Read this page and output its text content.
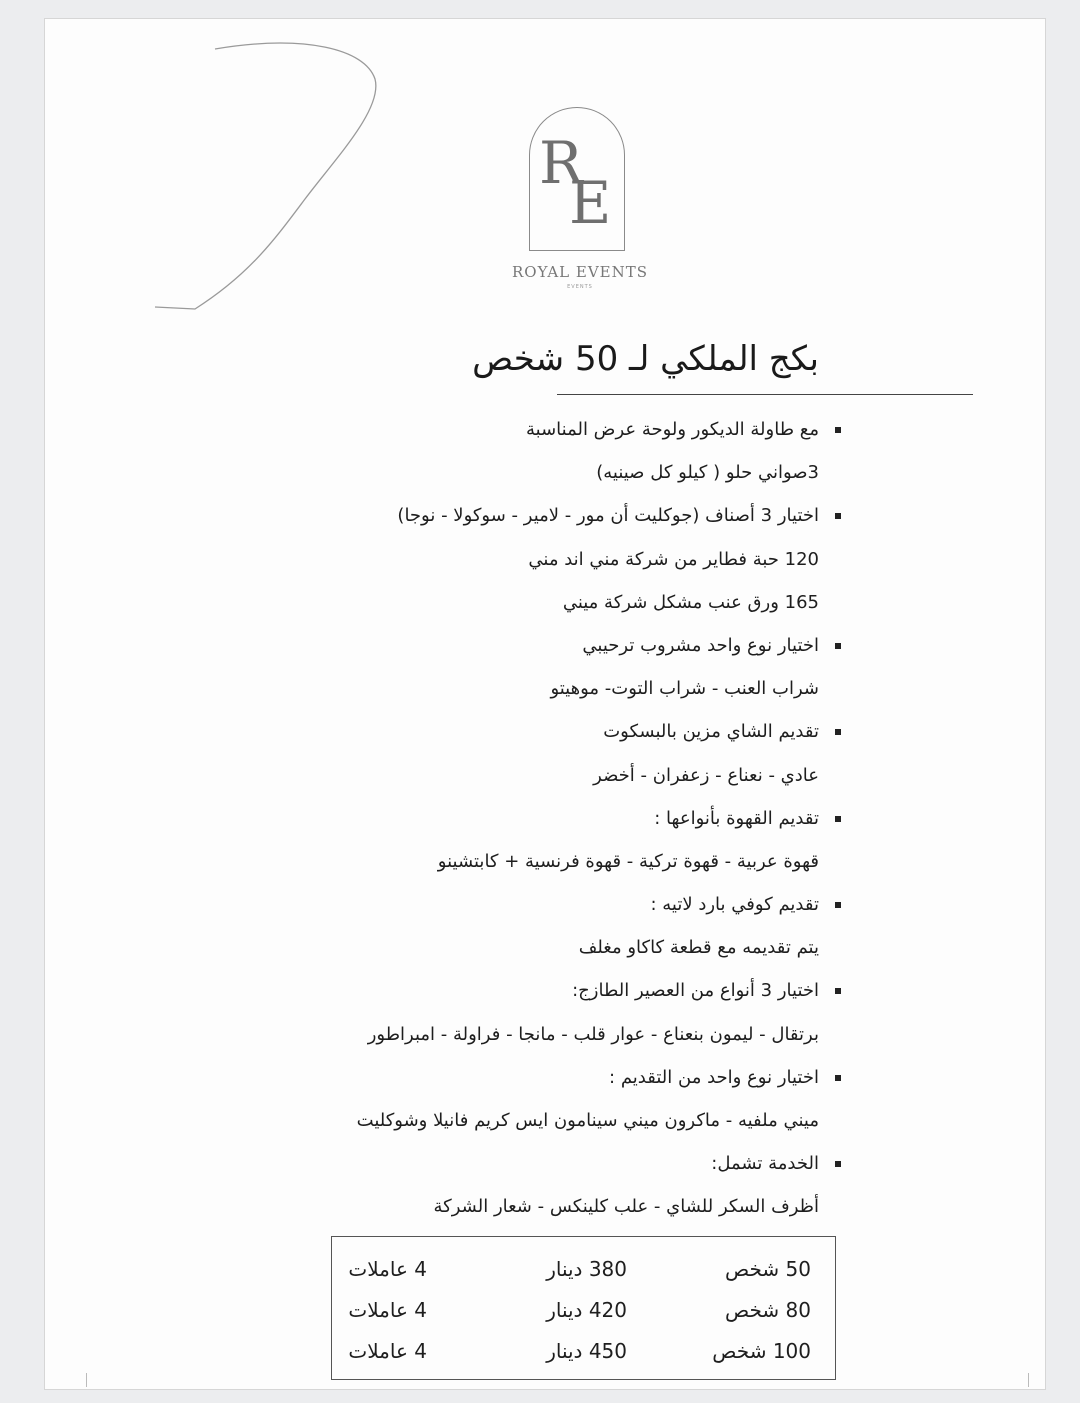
R
E
ROYAL EVENTS
EVENTS
بكج الملكي لـ 50 شخص
مع طاولة الديكور ولوحة عرض المناسبة
3صواني حلو ( كيلو كل صينيه)
اختيار 3 أصناف (جوكليت أن مور - لامير - سوكولا - نوجا)
120 حبة فطاير من شركة مني اند مني
165 ورق عنب مشكل شركة ميني
اختيار نوع واحد مشروب ترحيبي
شراب العنب - شراب التوت- موهيتو
تقديم الشاي مزين بالبسكوت
عادي - نعناع - زعفران - أخضر
تقديم القهوة بأنواعها :
قهوة عربية - قهوة تركية - قهوة فرنسية + كابتشينو
تقديم كوفي بارد لاتيه :
يتم تقديمه مع قطعة كاكاو مغلف
اختيار 3 أنواع من العصير الطازج:
برتقال - ليمون بنعناع - عوار قلب - مانجا - فراولة - امبراطور
اختيار نوع واحد من التقديم :
ميني ملفيه - ماكرون ميني سينامون ايس كريم فانيلا وشوكليت
الخدمة تشمل:
أظرف السكر للشاي - علب كلينكس - شعار الشركة
50 شخص
380 دينار
4 عاملات
80 شخص
420 دينار
4 عاملات
100 شخص
450 دينار
4 عاملات
